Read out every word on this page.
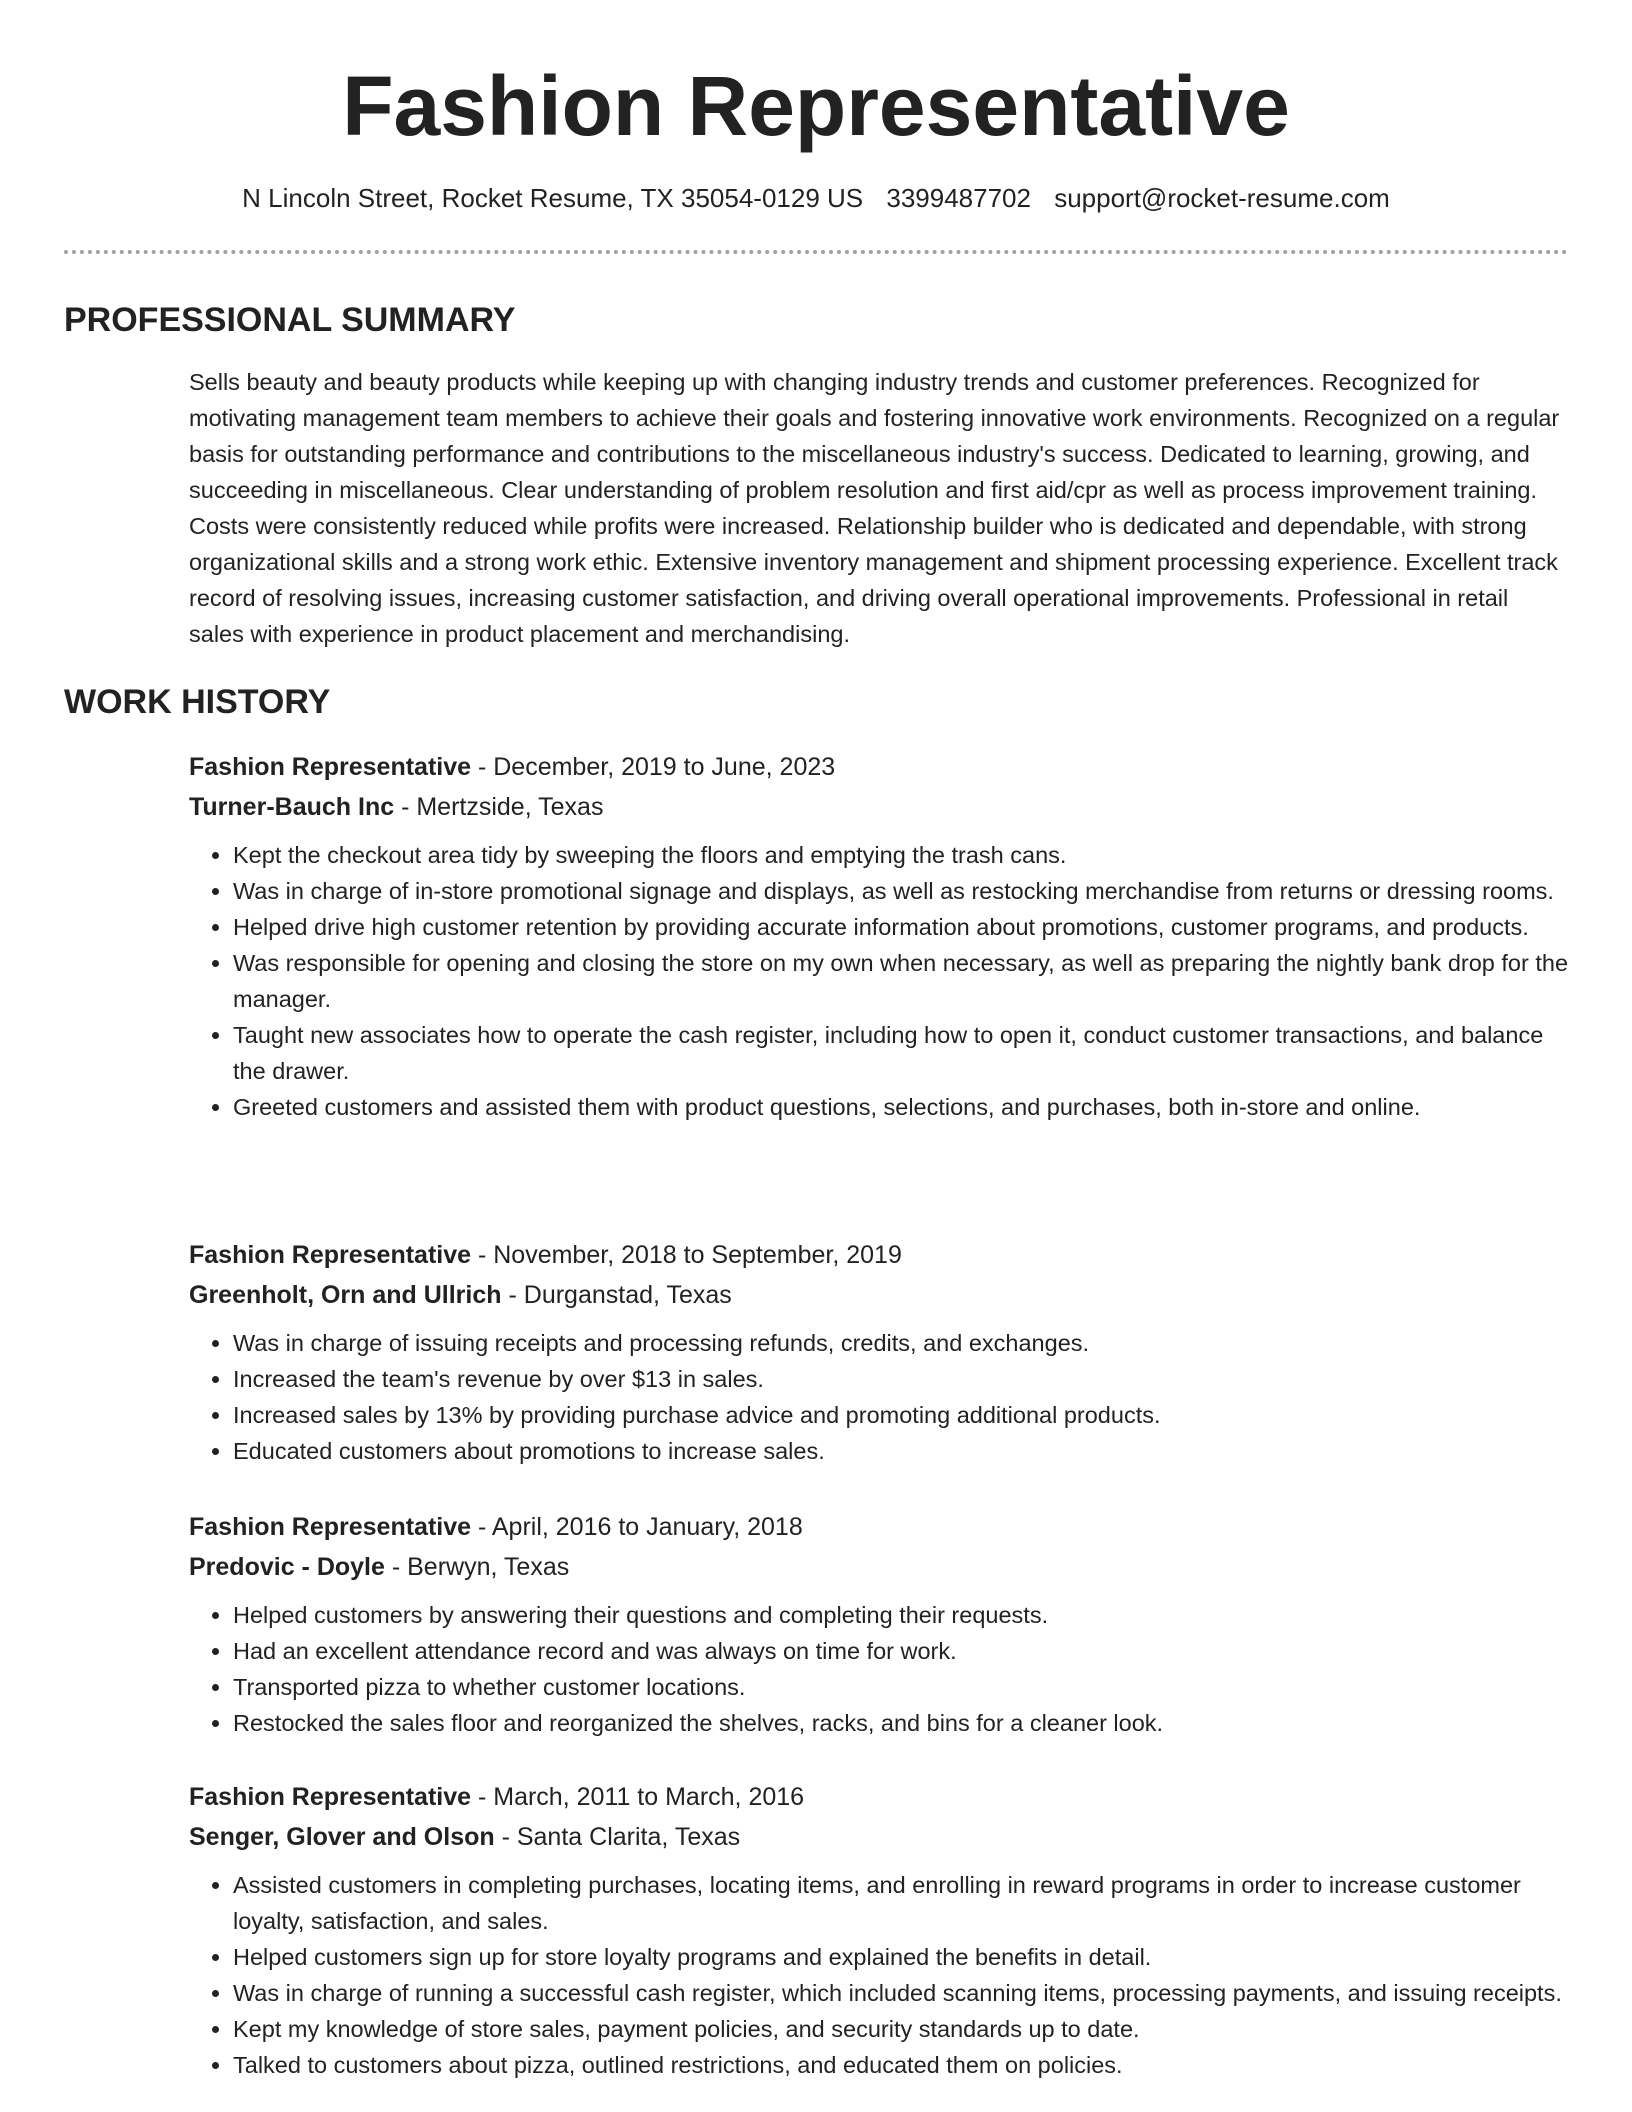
Fashion Representative
N Lincoln Street, Rocket Resume, TX 35054-0129 US 3399487702 support@rocket-resume.com
PROFESSIONAL SUMMARY

Sells beauty and beauty products while keeping up with changing industry trends and customer preferences. Recognized for motivating management team members to achieve their goals and fostering innovative work environments. Recognized on a regular basis for outstanding performance and contributions to the miscellaneous industry's success. Dedicated to learning, growing, and succeeding in miscellaneous. Clear understanding of problem resolution and first aid/cpr as well as process improvement training. Costs were consistently reduced while profits were increased. Relationship builder who is dedicated and dependable, with strong organizational skills and a strong work ethic. Extensive inventory management and shipment processing experience. Excellent track record of resolving issues, increasing customer satisfaction, and driving overall operational improvements. Professional in retail sales with experience in product placement and merchandising.

WORK HISTORY

Fashion Representative - December, 2019 to June, 2023

Turner-Bauch Inc - Mertzside, Texas

• Kept the checkout area tidy by sweeping the floors and emptying the trash cans.
• Was in charge of in-store promotional signage and displays, as well as restocking merchandise from returns or dressing rooms.
• Helped drive high customer retention by providing accurate information about promotions, customer programs, and products.
• Was responsible for opening and closing the store on my own when necessary, as well as preparing the nightly bank drop for the manager.
• Taught new associates how to operate the cash register, including how to open it, conduct customer transactions, and balance the drawer.
• Greeted customers and assisted them with product questions, selections, and purchases, both in-store and online.

Fashion Representative - November, 2018 to September, 2019

Greenholt, Orn and Ullrich - Durganstad, Texas

• Was in charge of issuing receipts and processing refunds, credits, and exchanges.
• Increased the team's revenue by over $13 in sales.
• Increased sales by 13% by providing purchase advice and promoting additional products.
• Educated customers about promotions to increase sales.

Fashion Representative - April, 2016 to January, 2018

Predovic - Doyle - Berwyn, Texas

• Helped customers by answering their questions and completing their requests.
• Had an excellent attendance record and was always on time for work.
• Transported pizza to whether customer locations.
• Restocked the sales floor and reorganized the shelves, racks, and bins for a cleaner look.

Fashion Representative - March, 2011 to March, 2016

Senger, Glover and Olson - Santa Clarita, Texas

• Assisted customers in completing purchases, locating items, and enrolling in reward programs in order to increase customer loyalty, satisfaction, and sales.
• Helped customers sign up for store loyalty programs and explained the benefits in detail.
• Was in charge of running a successful cash register, which included scanning items, processing payments, and issuing receipts.
• Kept my knowledge of store sales, payment policies, and security standards up to date.
• Talked to customers about pizza, outlined restrictions, and educated them on policies.
